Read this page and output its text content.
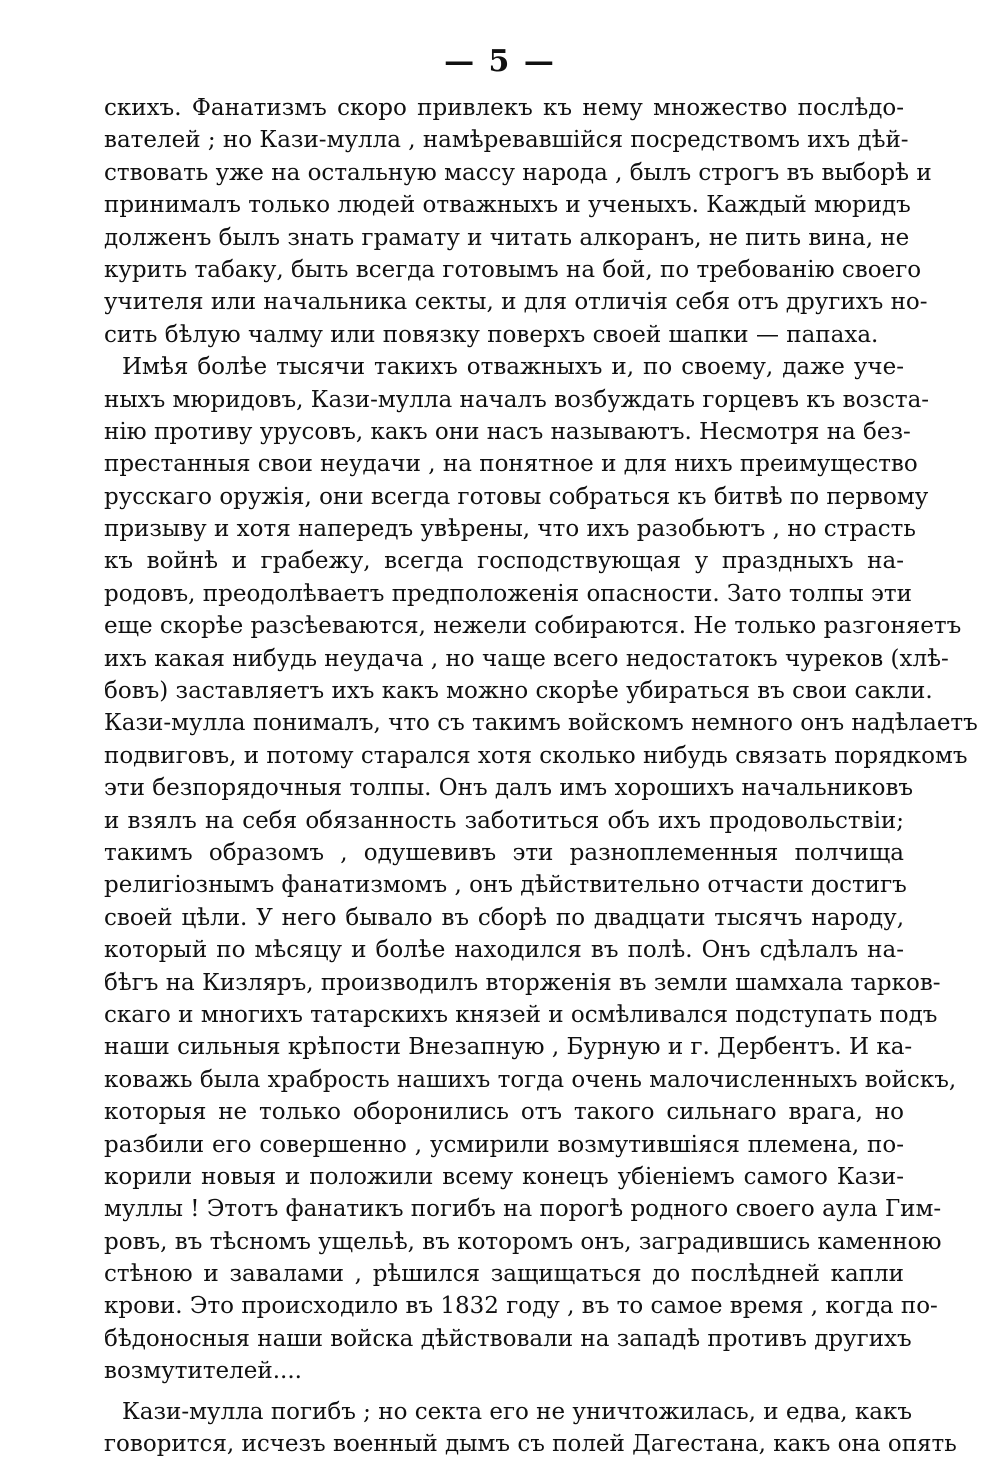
— 5 —
скихъ. Фанатизмъ скоро привлекъ къ нему множество послѣдо-
вателей ; но Кази-мулла , намѣревавшійся посредствомъ ихъ дѣй-
ствовать уже на остальную массу народа , былъ строгъ въ выборѣ и
принималъ только людей отважныхъ и ученыхъ. Каждый мюридъ
долженъ былъ знать грамату и читать алкоранъ, не пить вина, не
курить табаку, быть всегда готовымъ на бой, по требованію своего
учителя или начальника секты, и для отличія себя отъ другихъ но-
сить бѣлую чалму или повязку поверхъ своей шапки — папаха.
Имѣя болѣе тысячи такихъ отважныхъ и, по своему, даже уче-
ныхъ мюридовъ, Кази-мулла началъ возбуждать горцевъ къ возста-
нію противу урусовъ, какъ они насъ называютъ. Несмотря на без-
престанныя свои неудачи , на понятное и для нихъ преимущество
русскаго оружія, они всегда готовы собраться къ битвѣ по первому
призыву и хотя напередъ увѣрены, что ихъ разобьютъ , но страсть
къ войнѣ и грабежу, всегда господствующая у праздныхъ на-
родовъ, преодолѣваетъ предположенія опасности. Зато толпы эти
еще скорѣе разсѣеваются, нежели собираются. Не только разгоняетъ
ихъ какая нибудь неудача , но чаще всего недостатокъ чуреков (хлѣ-
бовъ) заставляетъ ихъ какъ можно скорѣе убираться въ свои сакли.
Кази-мулла понималъ, что съ такимъ войскомъ немного онъ надѣлаетъ
подвиговъ, и потому старался хотя сколько нибудь связать порядкомъ
эти безпорядочныя толпы. Онъ далъ имъ хорошихъ начальниковъ
и взялъ на себя обязанность заботиться объ ихъ продовольствіи;
такимъ образомъ , одушевивъ эти разноплеменныя полчища
религіознымъ фанатизмомъ , онъ дѣйствительно отчасти достигъ
своей цѣли. У него бывало въ сборѣ по двадцати тысячъ народу,
который по мѣсяцу и болѣе находился въ полѣ. Онъ сдѣлалъ на-
бѣгъ на Кизляръ, производилъ вторженія въ земли шамхала тарков-
скаго и многихъ татарскихъ князей и осмѣливался подступать подъ
наши сильныя крѣпости Внезапную , Бурную и г. Дербентъ. И ка-
коважь была храбрость нашихъ тогда очень малочисленныхъ войскъ,
которыя не только оборонились отъ такого сильнаго врага, но
разбили его совершенно , усмирили возмутившіяся племена, по-
корили новыя и положили всему конецъ убіеніемъ самого Кази-
муллы ! Этотъ фанатикъ погибъ на порогѣ родного своего аула Гим-
ровъ, въ тѣсномъ ущельѣ, въ которомъ онъ, заградившись каменною
стѣною и завалами , рѣшился защищаться до послѣдней капли
крови. Это происходило въ 1832 году , въ то самое время , когда по-
бѣдоносныя наши войска дѣйствовали на западѣ противъ другихъ
возмутителей....
Кази-мулла погибъ ; но секта его не уничтожилась, и едва, какъ
говорится, исчезъ военный дымъ съ полей Дагестана, какъ она опять
